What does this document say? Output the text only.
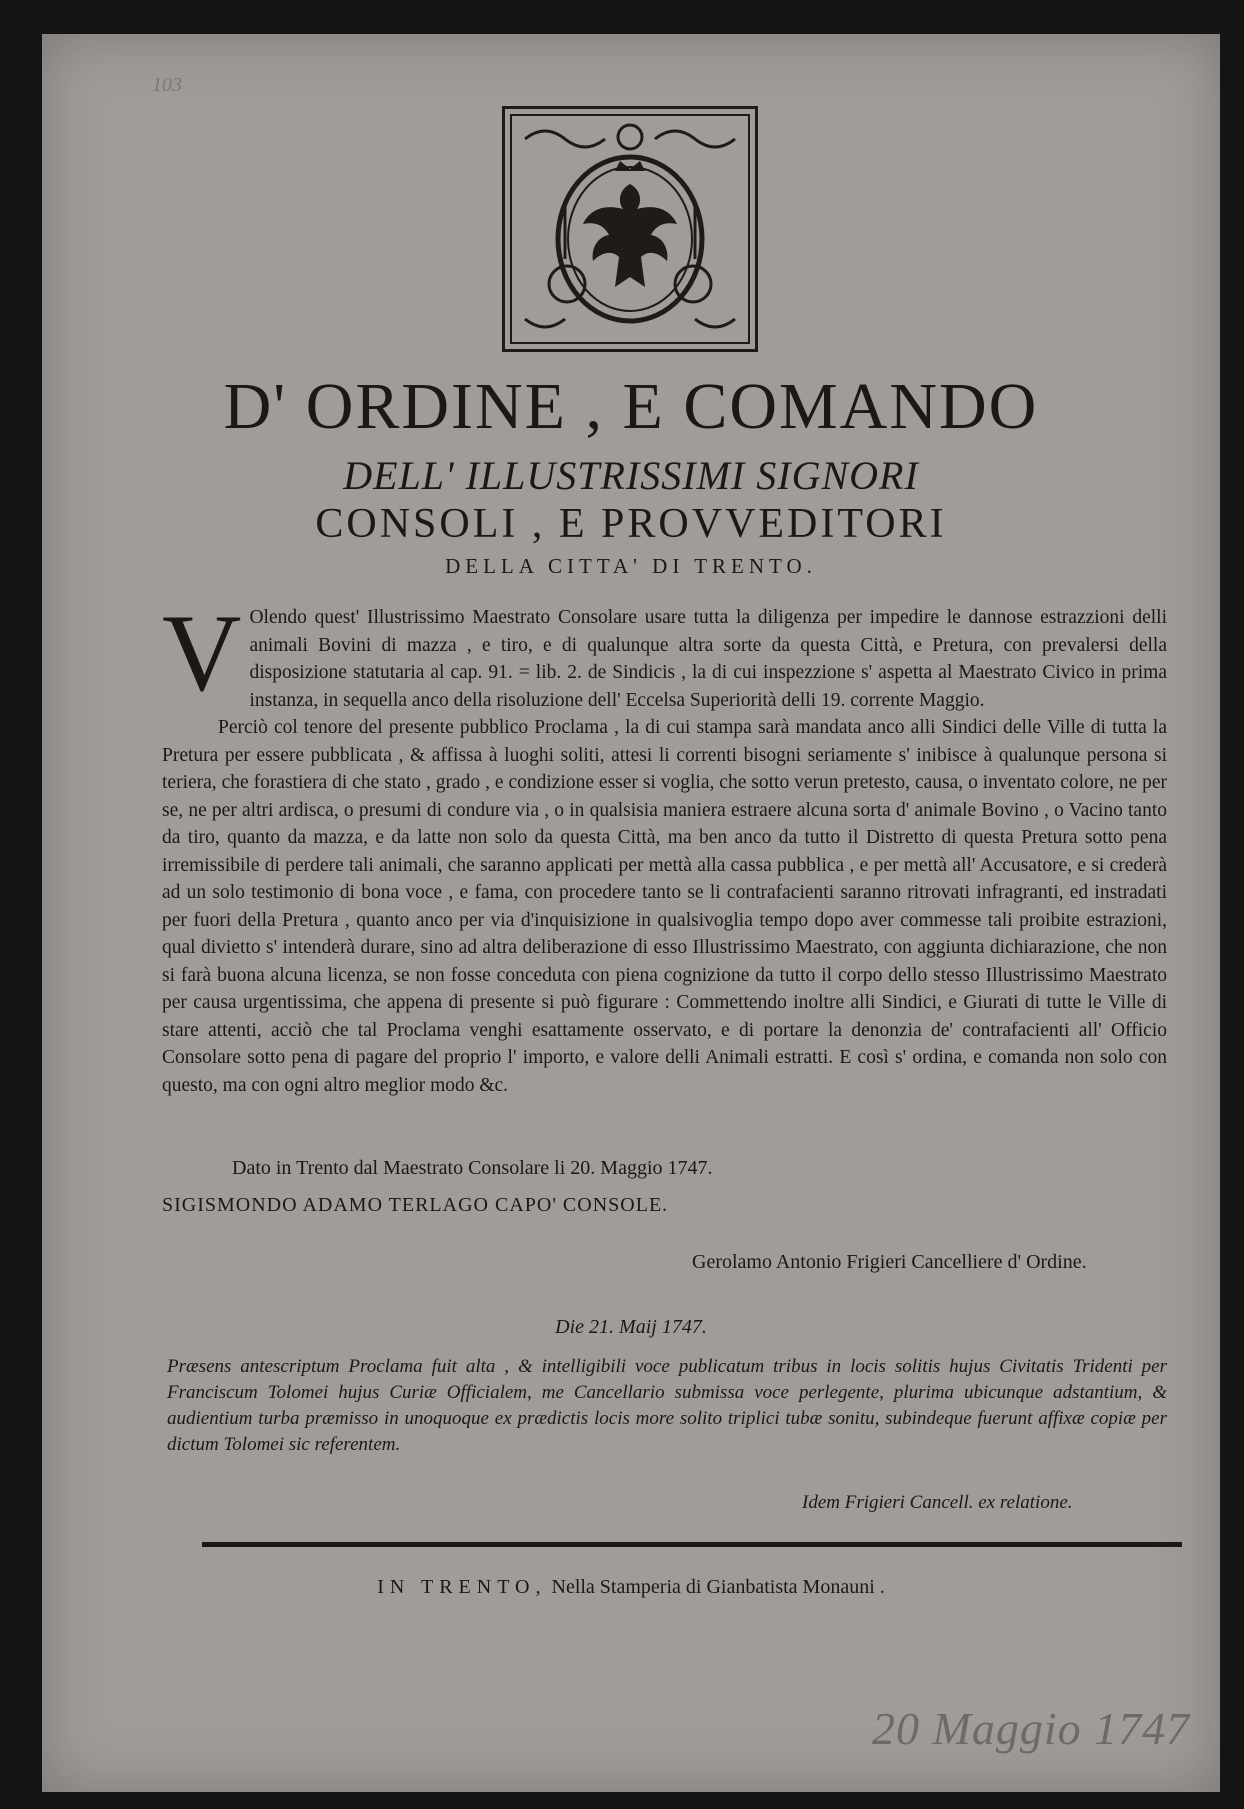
103
D' ORDINE , E COMANDO
DELL' ILLUSTRISSIMI SIGNORI
CONSOLI , E PROVVEDITORI
DELLA CITTA' DI TRENTO.
V Olendo quest' Illustrissimo Maestrato Consolare usare tutta la diligenza per impedire le dannose estrazzioni delli animali Bovini di mazza , e tiro, e di qualunque altra sorte da questa Città, e Pretura, con prevalersi della disposizione statutaria al cap. 91. = lib. 2. de Sindicis , la di cui inspezzione s' aspetta al Maestrato Civico in prima instanza, in sequella anco della risoluzione dell' Eccelsa Superiorità delli 19. corrente Maggio.

Perciò col tenore del presente pubblico Proclama , la di cui stampa sarà mandata anco alli Sindici delle Ville di tutta la Pretura per essere pubblicata , & affissa à luoghi soliti, attesi li correnti bisogni seriamente s' inibisce à qualunque persona si teriera, che forastiera di che stato , grado , e condizione esser si voglia, che sotto verun pretesto, causa, o inventato colore, ne per se, ne per altri ardisca, o presumi di condure via , o in qualsisia maniera estraere alcuna sorta d' animale Bovino , o Vacino tanto da tiro, quanto da mazza, e da latte non solo da questa Città, ma ben anco da tutto il Distretto di questa Pretura sotto pena irremissibile di perdere tali animali, che saranno applicati per mettà alla cassa pubblica , e per mettà all' Accusatore, e si crederà ad un solo testimonio di bona voce , e fama, con procedere tanto se li contrafacienti saranno ritrovati infragranti, ed instradati per fuori della Pretura , quanto anco per via d'inquisizione in qualsivoglia tempo dopo aver commesse tali proibite estrazioni, qual divietto s' intenderà durare, sino ad altra deliberazione di esso Illustrissimo Maestrato, con aggiunta dichiarazione, che non si farà buona alcuna licenza, se non fosse conceduta con piena cognizione da tutto il corpo dello stesso Illustrissimo Maestrato per causa urgentissima, che appena di presente si può figurare : Commettendo inoltre alli Sindici, e Giurati di tutte le Ville di stare attenti, acciò che tal Proclama venghi esattamente osservato, e di portare la denonzia de' contrafacienti all' Officio Consolare sotto pena di pagare del proprio l' importo, e valore delli Animali estratti. E così s' ordina, e comanda non solo con questo, ma con ogni altro meglior modo &c.

Dato in Trento dal Maestrato Consolare li 20. Maggio 1747.
SIGISMONDO ADAMO TERLAGO CAPO' CONSOLE.
Gerolamo Antonio Frigieri Cancelliere d' Ordine.
Die 21. Maij 1747.
Præsens antescriptum Proclama fuit alta , & intelligibili voce publicatum tribus in locis solitis hujus Civitatis Tridenti per Franciscum Tolomei hujus Curiæ Officialem, me Cancellario submissa voce perlegente, plurima ubicunque adstantium, & audientium turba præmisso in unoquoque ex prædictis locis more solito triplici tubæ sonitu, subindeque fuerunt affixæ copiæ per dictum Tolomei sic referentem.
Idem Frigieri Cancell. ex relatione.
IN TRENTO, Nella Stamperia di Gianbatista Monauni .
20 Maggio 1747
